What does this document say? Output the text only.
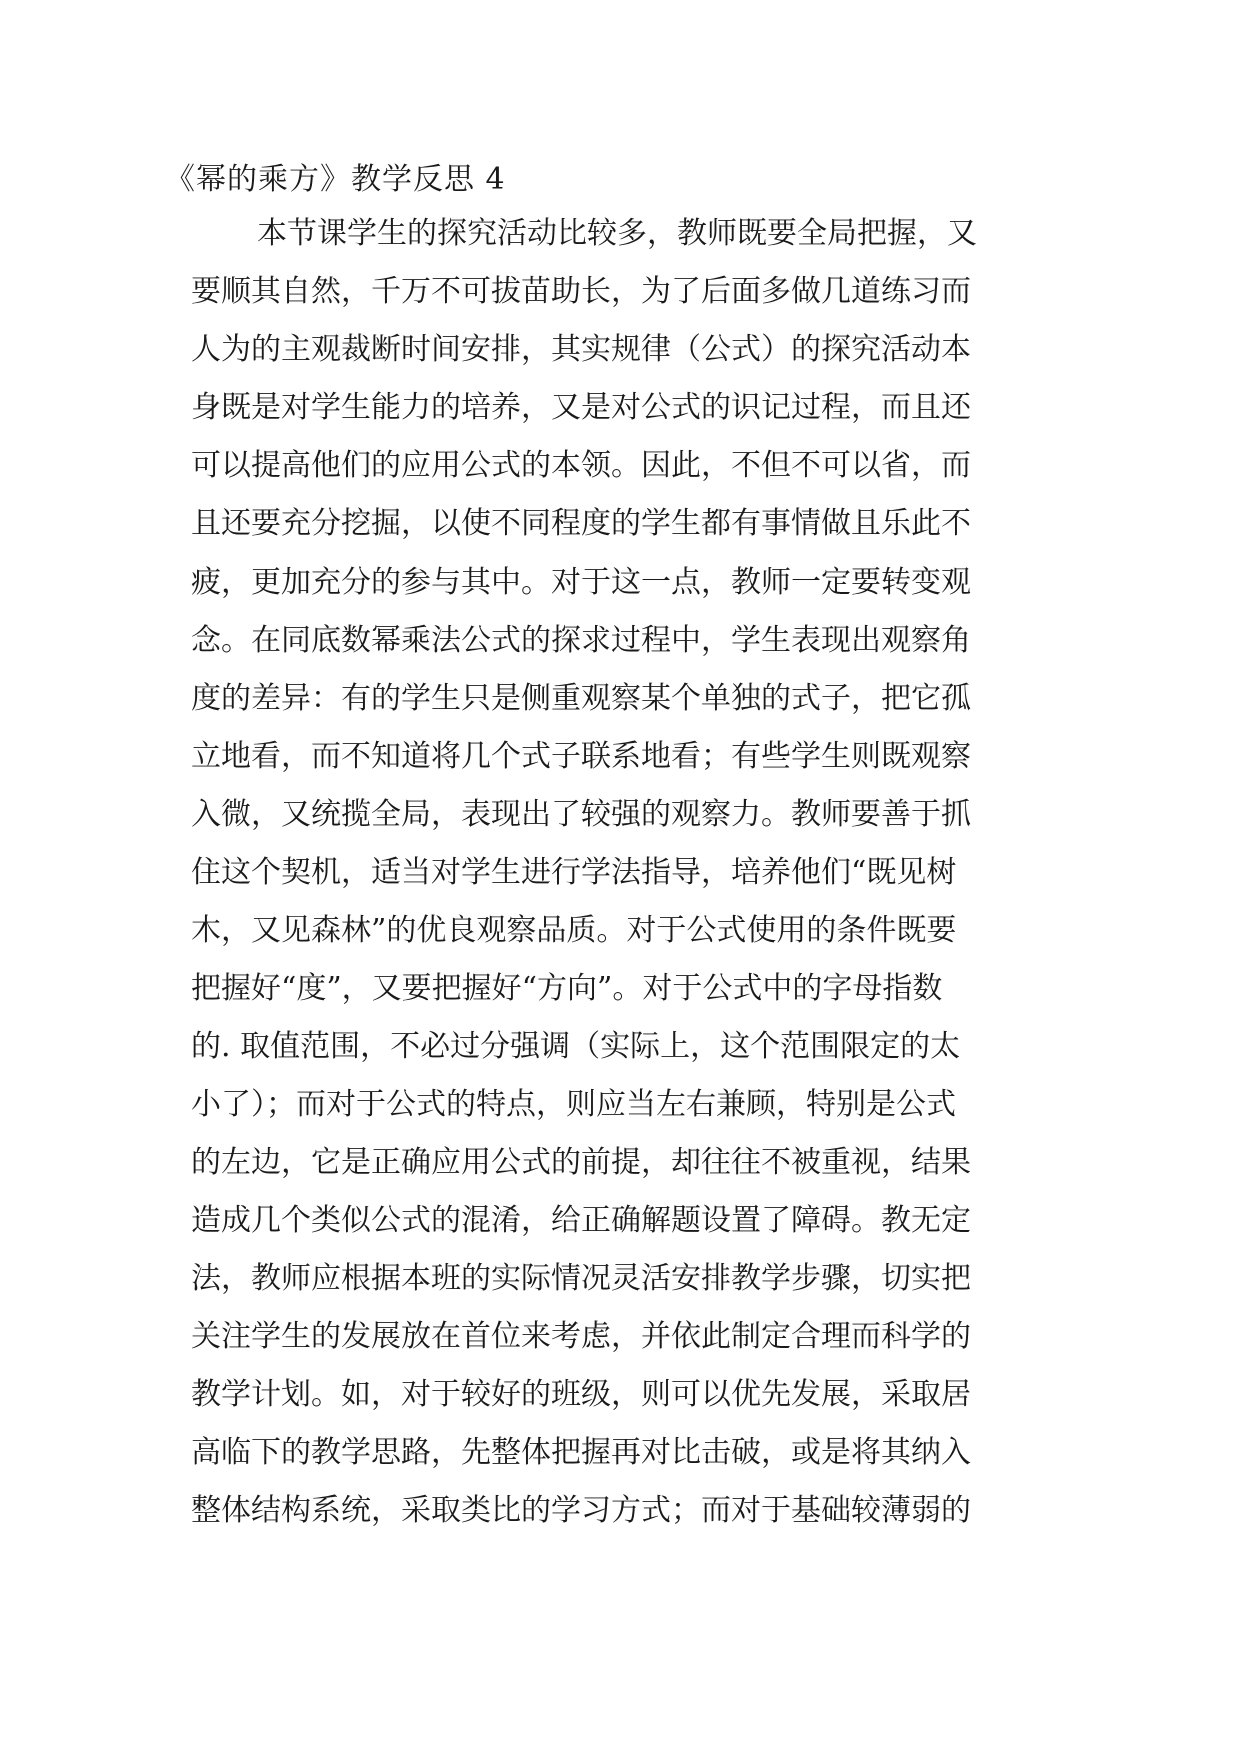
《幂的乘方》教学反思 4

本节课学生的探究活动比较多，教师既要全局把握，又

要顺其自然，千万不可拔苗助长，为了后面多做几道练习而

人为的主观裁断时间安排，其实规律（公式）的探究活动本

身既是对学生能力的培养，又是对公式的识记过程，而且还

可以提高他们的应用公式的本领。因此，不但不可以省，而

且还要充分挖掘，以使不同程度的学生都有事情做且乐此不

疲，更加充分的参与其中。对于这一点，教师一定要转变观

念。在同底数幂乘法公式的探求过程中，学生表现出观察角

度的差异：有的学生只是侧重观察某个单独的式子，把它孤

立地看，而不知道将几个式子联系地看；有些学生则既观察

入微，又统揽全局，表现出了较强的观察力。教师要善于抓

住这个契机，适当对学生进行学法指导，培养他们“既见树

木，又见森林”的优良观察品质。对于公式使用的条件既要

把握好“度”，又要把握好“方向”。对于公式中的字母指数

的. 取值范围，不必过分强调（实际上，这个范围限定的太

小了）；而对于公式的特点，则应当左右兼顾，特别是公式

的左边，它是正确应用公式的前提，却往往不被重视，结果

造成几个类似公式的混淆，给正确解题设置了障碍。教无定

法，教师应根据本班的实际情况灵活安排教学步骤，切实把

关注学生的发展放在首位来考虑，并依此制定合理而科学的

教学计划。如，对于较好的班级，则可以优先发展，采取居

高临下的教学思路，先整体把握再对比击破，或是将其纳入

整体结构系统，采取类比的学习方式；而对于基础较薄弱的
